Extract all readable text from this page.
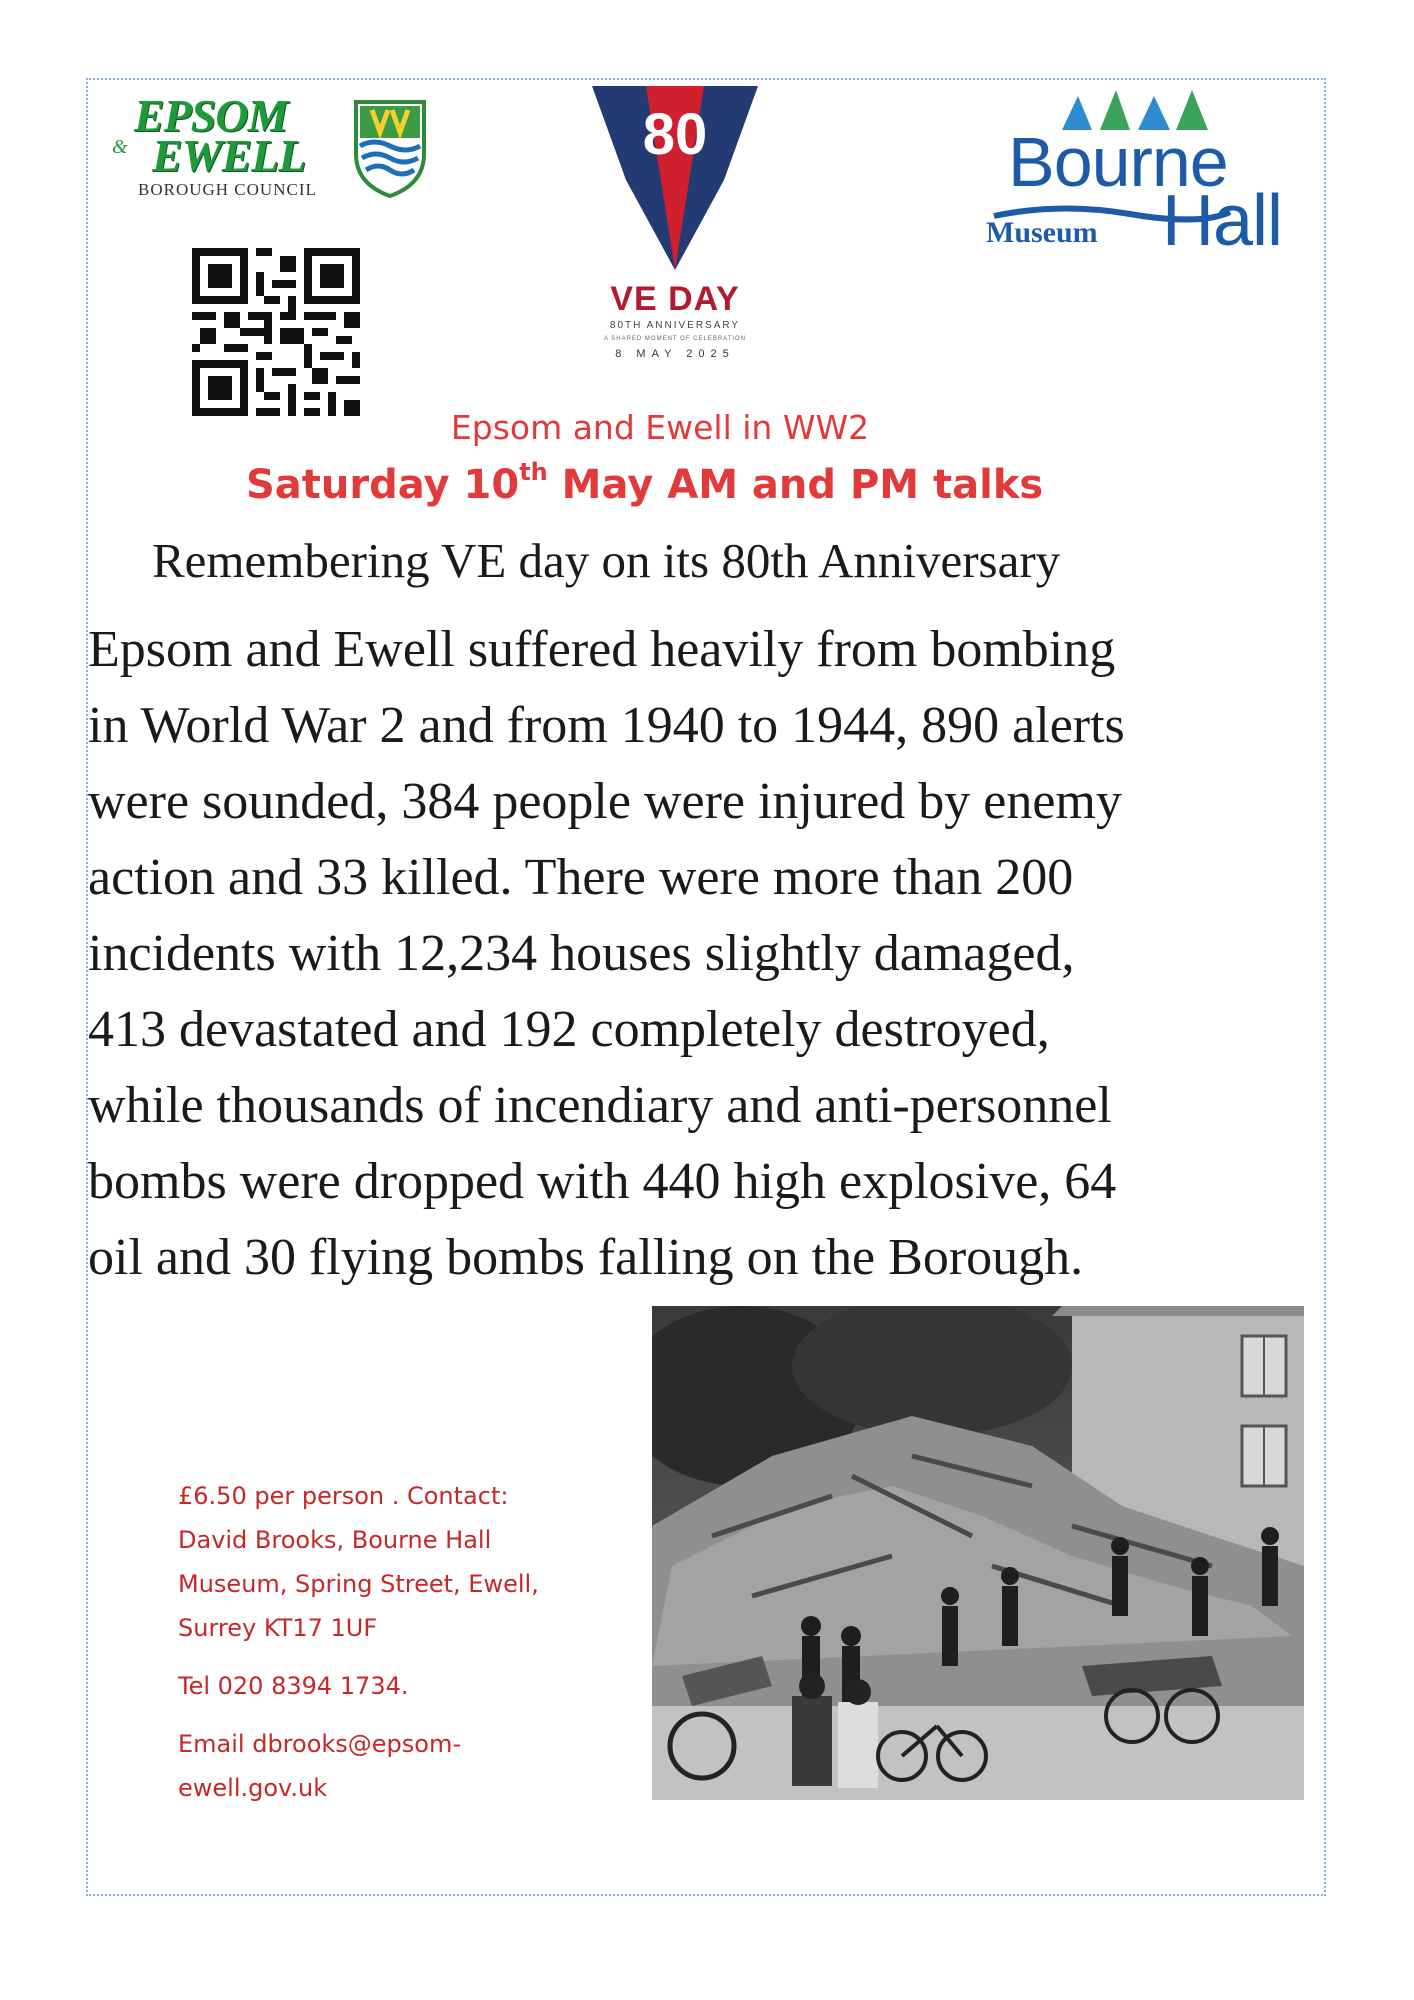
EPSOM
EWELL
&
BOROUGH COUNCIL
80
VE DAY
80TH ANNIVERSARY
A SHARED MOMENT OF CELEBRATION
8 MAY 2025
Bourne
Museum Hall
Epsom and Ewell in WW2
Saturday 10th May AM and PM talks
Remembering VE day on its 80th Anniversary
Epsom and Ewell suffered heavily from bombing
in World War 2 and from 1940 to 1944, 890 alerts
were sounded, 384 people were injured by enemy
action and 33 killed. There were more than 200
incidents with 12,234 houses slightly damaged,
413 devastated and 192 completely destroyed,
while thousands of incendiary and anti-personnel
bombs were dropped with 440 high explosive, 64
oil and 30 flying bombs falling on the Borough.

£6.50 per person . Contact:

David Brooks, Bourne Hall

Museum, Spring Street, Ewell,

Surrey KT17 1UF

Tel 020 8394 1734.

Email dbrooks@epsom-

ewell.gov.uk
